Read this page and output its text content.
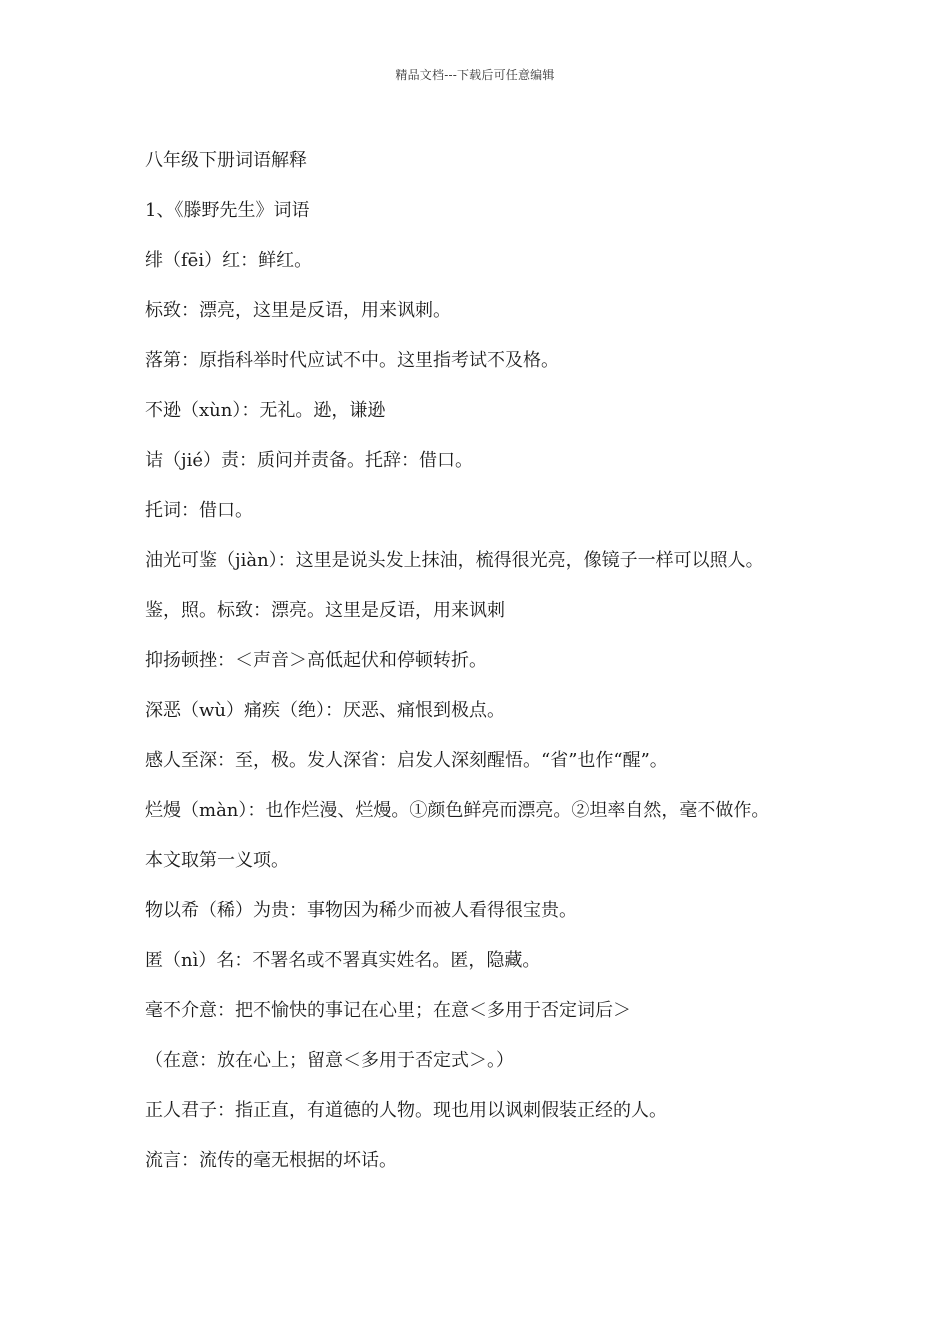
精品文档---下载后可任意编辑
八年级下册词语解释
1、《滕野先生》词语
绯（fēi）红：鲜红。
标致：漂亮，这里是反语，用来讽刺。
落第：原指科举时代应试不中。这里指考试不及格。
不逊（xùn）：无礼。逊，谦逊
诘（jié）责：质问并责备。托辞：借口。
托词：借口。
油光可鉴（jiàn）：这里是说头发上抹油，梳得很光亮，像镜子一样可以照人。
鉴，照。标致：漂亮。这里是反语，用来讽刺
抑扬顿挫：＜声音＞高低起伏和停顿转折。
深恶（wù）痛疾（绝）：厌恶、痛恨到极点。
感人至深：至，极。发人深省：启发人深刻醒悟。“省”也作“醒”。
烂熳（màn）：也作烂漫、烂熳。①颜色鲜亮而漂亮。②坦率自然，毫不做作。
本文取第一义项。
物以希（稀）为贵：事物因为稀少而被人看得很宝贵。
匿（nì）名：不署名或不署真实姓名。匿，隐藏。
毫不介意：把不愉快的事记在心里；在意＜多用于否定词后＞
（在意：放在心上；留意＜多用于否定式＞。）
正人君子：指正直，有道德的人物。现也用以讽刺假装正经的人。
流言：流传的毫无根据的坏话。
